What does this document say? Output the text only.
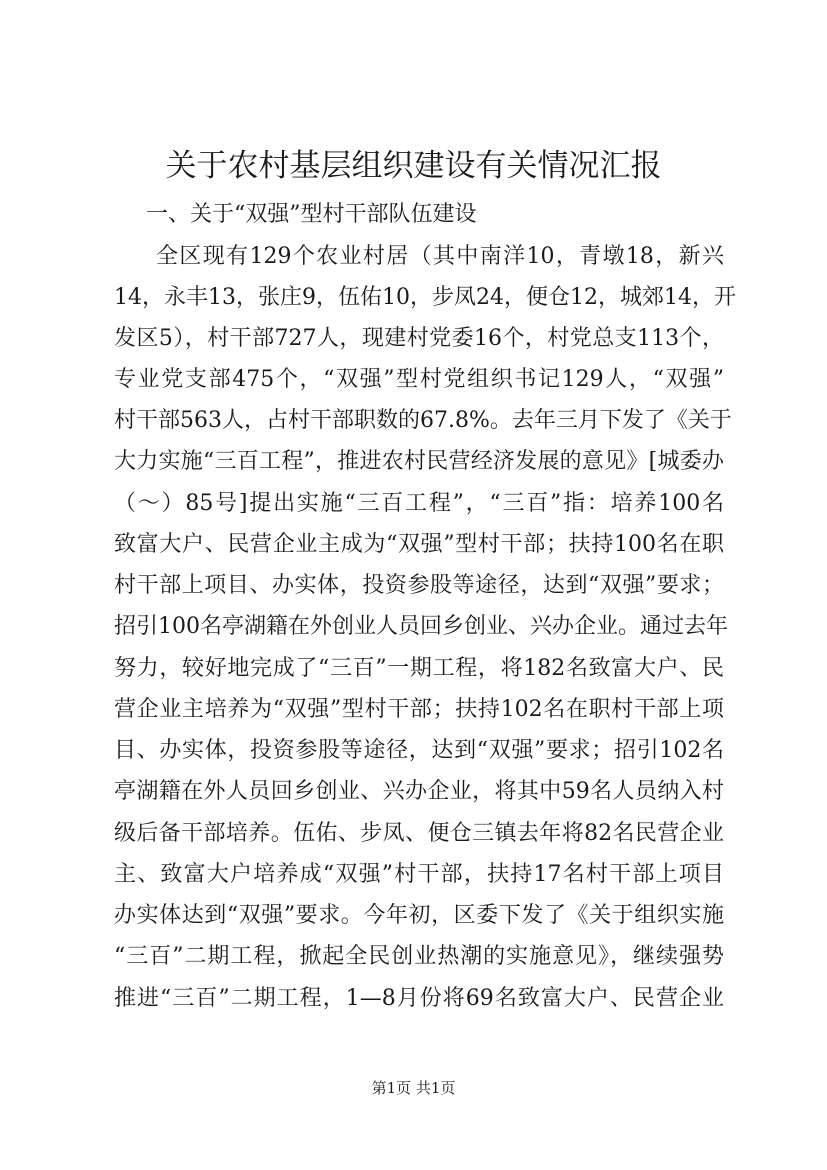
关于农村基层组织建设有关情况汇报

一、关于“双强”型村干部队伍建设

全区现有129个农业村居（其中南洋10，青墩18，新兴

14，永丰13，张庄9，伍佑10，步凤24，便仓12，城郊14，开

发区5），村干部727人，现建村党委16个，村党总支113个，

专业党支部475个，“双强”型村党组织书记129人，“双强”

村干部563人，占村干部职数的67.8%。去年三月下发了《关于

大力实施“三百工程”，推进农村民营经济发展的意见》[城委办

（～）85号]提出实施“三百工程”，“三百”指：培养100名

致富大户、民营企业主成为“双强”型村干部；扶持100名在职

村干部上项目、办实体，投资参股等途径，达到“双强”要求；

招引100名亭湖籍在外创业人员回乡创业、兴办企业。通过去年

努力，较好地完成了“三百”一期工程，将182名致富大户、民

营企业主培养为“双强”型村干部；扶持102名在职村干部上项

目、办实体，投资参股等途径，达到“双强”要求；招引102名

亭湖籍在外人员回乡创业、兴办企业，将其中59名人员纳入村

级后备干部培养。伍佑、步凤、便仓三镇去年将82名民营企业

主、致富大户培养成“双强”村干部，扶持17名村干部上项目

办实体达到“双强”要求。今年初，区委下发了《关于组织实施

“三百”二期工程，掀起全民创业热潮的实施意见》，继续强势

推进“三百”二期工程，1—8月份将69名致富大户、民营企业

第1页 共1页
